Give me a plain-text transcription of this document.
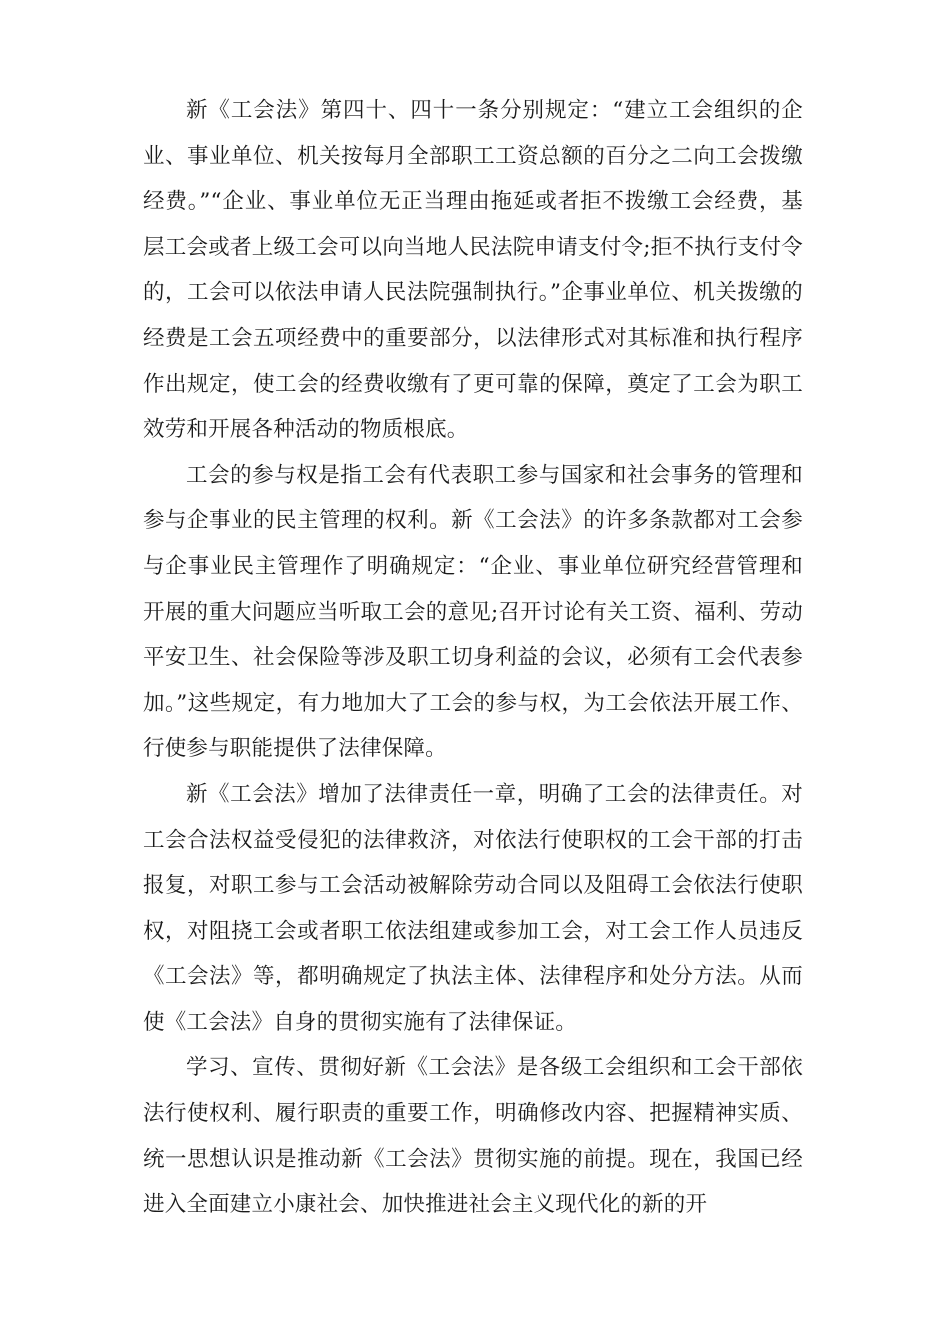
新《工会法》第四十、四十一条分别规定：“建立工会组织的企业、事业单位、机关按每月全部职工工资总额的百分之二向工会拨缴经费。”“企业、事业单位无正当理由拖延或者拒不拨缴工会经费，基层工会或者上级工会可以向当地人民法院申请支付令;拒不执行支付令的，工会可以依法申请人民法院强制执行。”企事业单位、机关拨缴的经费是工会五项经费中的重要部分，以法律形式对其标准和执行程序作出规定，使工会的经费收缴有了更可靠的保障，奠定了工会为职工效劳和开展各种活动的物质根底。

工会的参与权是指工会有代表职工参与国家和社会事务的管理和参与企事业的民主管理的权利。新《工会法》的许多条款都对工会参与企事业民主管理作了明确规定：“企业、事业单位研究经营管理和开展的重大问题应当听取工会的意见;召开讨论有关工资、福利、劳动平安卫生、社会保险等涉及职工切身利益的会议，必须有工会代表参加。”这些规定，有力地加大了工会的参与权，为工会依法开展工作、行使参与职能提供了法律保障。

新《工会法》增加了法律责任一章，明确了工会的法律责任。对工会合法权益受侵犯的法律救济，对依法行使职权的工会干部的打击报复，对职工参与工会活动被解除劳动合同以及阻碍工会依法行使职权，对阻挠工会或者职工依法组建或参加工会，对工会工作人员违反《工会法》等，都明确规定了执法主体、法律程序和处分方法。从而使《工会法》自身的贯彻实施有了法律保证。

学习、宣传、贯彻好新《工会法》是各级工会组织和工会干部依法行使权利、履行职责的重要工作，明确修改内容、把握精神实质、统一思想认识是推动新《工会法》贯彻实施的前提。现在，我国已经进入全面建立小康社会、加快推进社会主义现代化的新的开
